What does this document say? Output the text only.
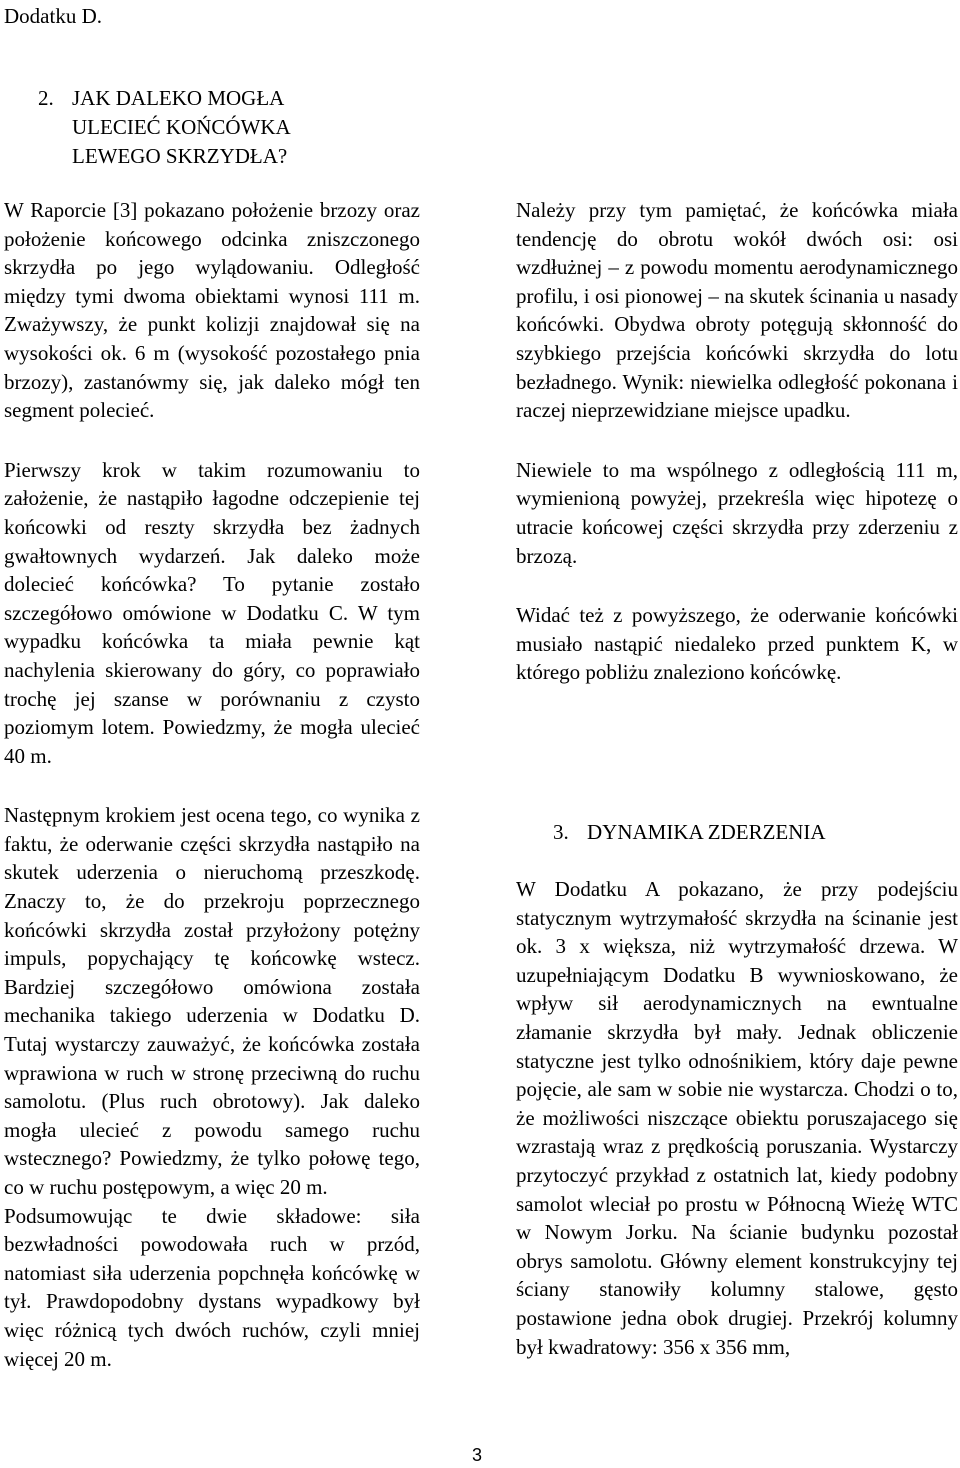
Dodatku D.
2. JAK DALEKO MOGŁA ULECIEĆ KOŃCÓWKA LEWEGO SKRZYDŁA?

W Raporcie [3] pokazano położenie brzozy oraz położenie końcowego odcinka zniszczonego skrzydła po jego wylądowaniu. Odległość między tymi dwoma obiektami wynosi 111 m. Zważywszy, że punkt kolizji znajdował się na wysokości ok. 6 m (wysokość pozostałego pnia brzozy), zastanówmy się, jak daleko mógł ten segment polecieć.

Pierwszy krok w takim rozumowaniu to założenie, że nastąpiło łagodne odczepienie tej końcowki od reszty skrzydła bez żadnych gwałtownych wydarzeń. Jak daleko może dolecieć końcówka? To pytanie zostało szczegółowo omówione w Dodatku C. W tym wypadku końcówka ta miała pewnie kąt nachylenia skierowany do góry, co poprawiało trochę jej szanse w porównaniu z czysto poziomym lotem. Powiedzmy, że mogła ulecieć 40 m.

Następnym krokiem jest ocena tego, co wynika z faktu, że oderwanie części skrzydła nastąpiło na skutek uderzenia o nieruchomą przeszkodę. Znaczy to, że do przekroju poprzecznego końcówki skrzydła został przyłożony potężny impuls, popychający tę końcowkę wstecz. Bardziej szczegółowo omówiona została mechanika takiego uderzenia w Dodatku D. Tutaj wystarczy zauważyć, że końcówka została wprawiona w ruch w stronę przeciwną do ruchu samolotu. (Plus ruch obrotowy). Jak daleko mogła ulecieć z powodu samego ruchu wstecznego? Powiedzmy, że tylko połowę tego, co w ruchu postępowym, a więc 20 m.

Podsumowując te dwie składowe: siła bezwładności powodowała ruch w przód, natomiast siła uderzenia popchnęła końcówkę w tył. Prawdopodobny dystans wypadkowy był więc różnicą tych dwóch ruchów, czyli mniej więcej 20 m.

Należy przy tym pamiętać, że końcówka miała tendencję do obrotu wokół dwóch osi: osi wzdłużnej – z powodu momentu aerodynamicznego profilu, i osi pionowej – na skutek ścinania u nasady końcówki. Obydwa obroty potęgują skłonność do szybkiego przejścia końcówki skrzydła do lotu bezładnego. Wynik: niewielka odległość pokonana i raczej nieprzewidziane miejsce upadku.

Niewiele to ma wspólnego z odległością 111 m, wymienioną powyżej, przekreśla więc hipotezę o utracie końcowej części skrzydła przy zderzeniu z brzozą.

Widać też z powyższego, że oderwanie końcówki musiało nastąpić niedaleko przed punktem K, w którego pobliżu znaleziono końcówkę.

3. DYNAMIKA ZDERZENIA

W Dodatku A pokazano, że przy podejściu statycznym wytrzymałość skrzydła na ścinanie jest ok. 3 x większa, niż wytrzymałość drzewa. W uzupełniającym Dodatku B wywnioskowano, że wpływ sił aerodynamicznych na ewntualne złamanie skrzydła był mały. Jednak obliczenie statyczne jest tylko odnośnikiem, który daje pewne pojęcie, ale sam w sobie nie wystarcza. Chodzi o to, że możliwości niszczące obiektu poruszajacego się wzrastają wraz z prędkością poruszania. Wystarczy przytoczyć przykład z ostatnich lat, kiedy podobny samolot wleciał po prostu w Północną Wieżę WTC w Nowym Jorku. Na ścianie budynku pozostał obrys samolotu. Główny element konstrukcyjny tej ściany stanowiły kolumny stalowe, gęsto postawione jedna obok drugiej. Przekrój kolumny był kwadratowy: 356 x 356 mm,

3
